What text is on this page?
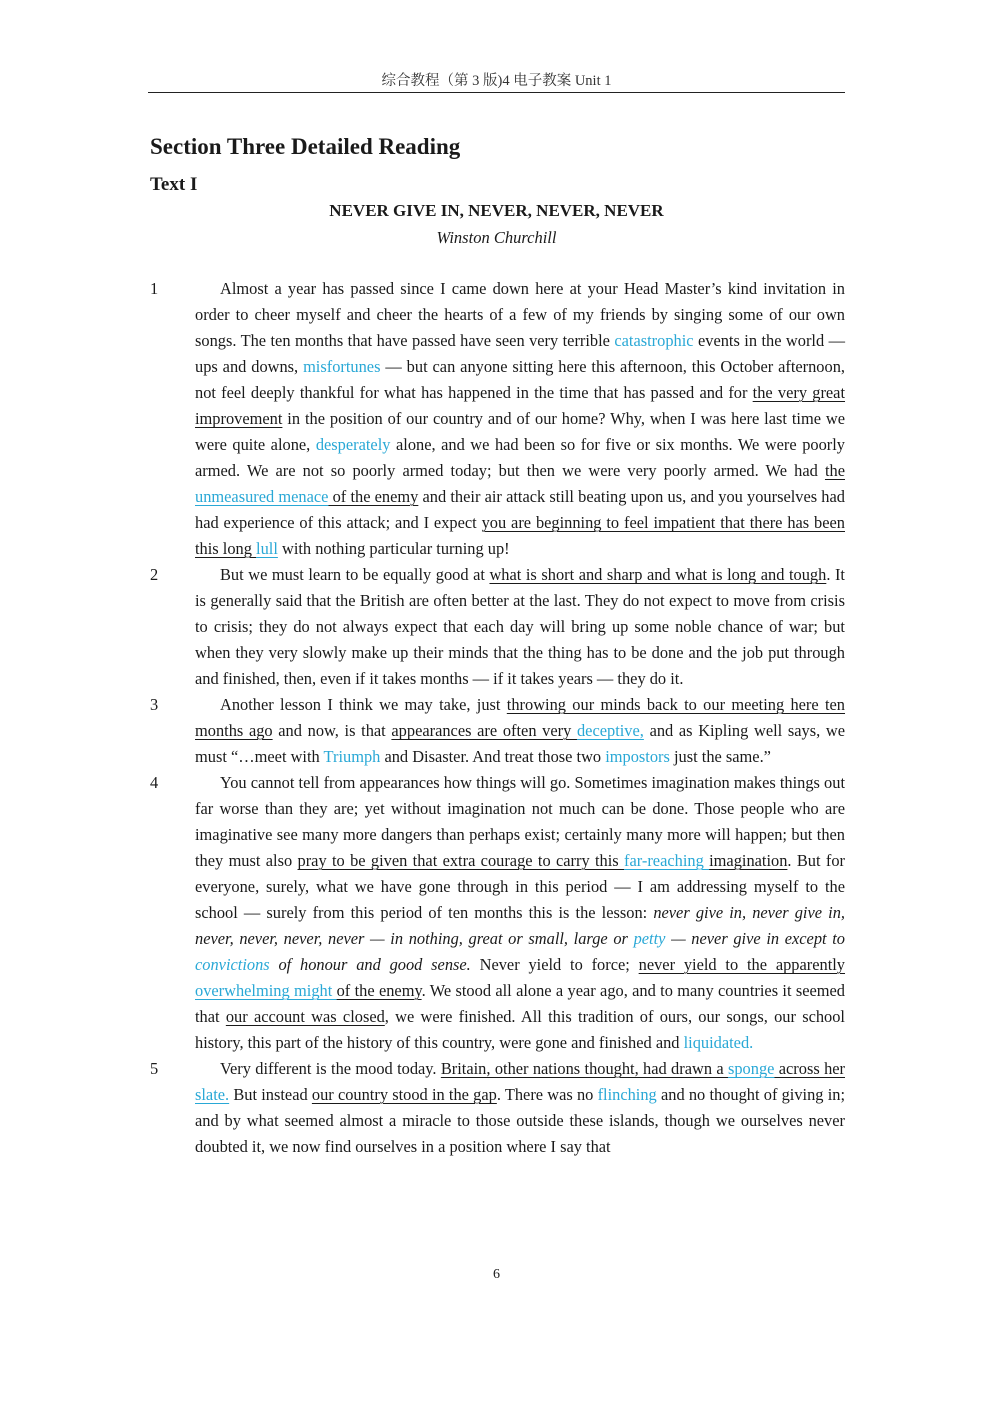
综合教程（第 3 版)4 电子教案 Unit 1
Section Three Detailed Reading
Text I
NEVER GIVE IN, NEVER, NEVER, NEVER
Winston Churchill
1	Almost a year has passed since I came down here at your Head Master’s kind invitation in order to cheer myself and cheer the hearts of a few of my friends by singing some of our own songs. The ten months that have passed have seen very terrible catastrophic events in the world — ups and downs, misfortunes — but can anyone sitting here this afternoon, this October afternoon, not feel deeply thankful for what has happened in the time that has passed and for the very great improvement in the position of our country and of our home? Why, when I was here last time we were quite alone, desperately alone, and we had been so for five or six months. We were poorly armed. We are not so poorly armed today; but then we were very poorly armed. We had the unmeasured menace of the enemy and their air attack still beating upon us, and you yourselves had had experience of this attack; and I expect you are beginning to feel impatient that there has been this long lull with nothing particular turning up!
2	But we must learn to be equally good at what is short and sharp and what is long and tough. It is generally said that the British are often better at the last. They do not expect to move from crisis to crisis; they do not always expect that each day will bring up some noble chance of war; but when they very slowly make up their minds that the thing has to be done and the job put through and finished, then, even if it takes months — if it takes years — they do it.
3	Another lesson I think we may take, just throwing our minds back to our meeting here ten months ago and now, is that appearances are often very deceptive, and as Kipling well says, we must “…meet with Triumph and Disaster. And treat those two impostors just the same.”
4	You cannot tell from appearances how things will go. Sometimes imagination makes things out far worse than they are; yet without imagination not much can be done. Those people who are imaginative see many more dangers than perhaps exist; certainly many more will happen; but then they must also pray to be given that extra courage to carry this far-reaching imagination. But for everyone, surely, what we have gone through in this period — I am addressing myself to the school — surely from this period of ten months this is the lesson: never give in, never give in, never, never, never, never — in nothing, great or small, large or petty — never give in except to convictions of honour and good sense. Never yield to force; never yield to the apparently overwhelming might of the enemy. We stood all alone a year ago, and to many countries it seemed that our account was closed, we were finished. All this tradition of ours, our songs, our school history, this part of the history of this country, were gone and finished and liquidated.
5	Very different is the mood today. Britain, other nations thought, had drawn a sponge across her slate. But instead our country stood in the gap. There was no flinching and no thought of giving in; and by what seemed almost a miracle to those outside these islands, though we ourselves never doubted it, we now find ourselves in a position where I say that
6
